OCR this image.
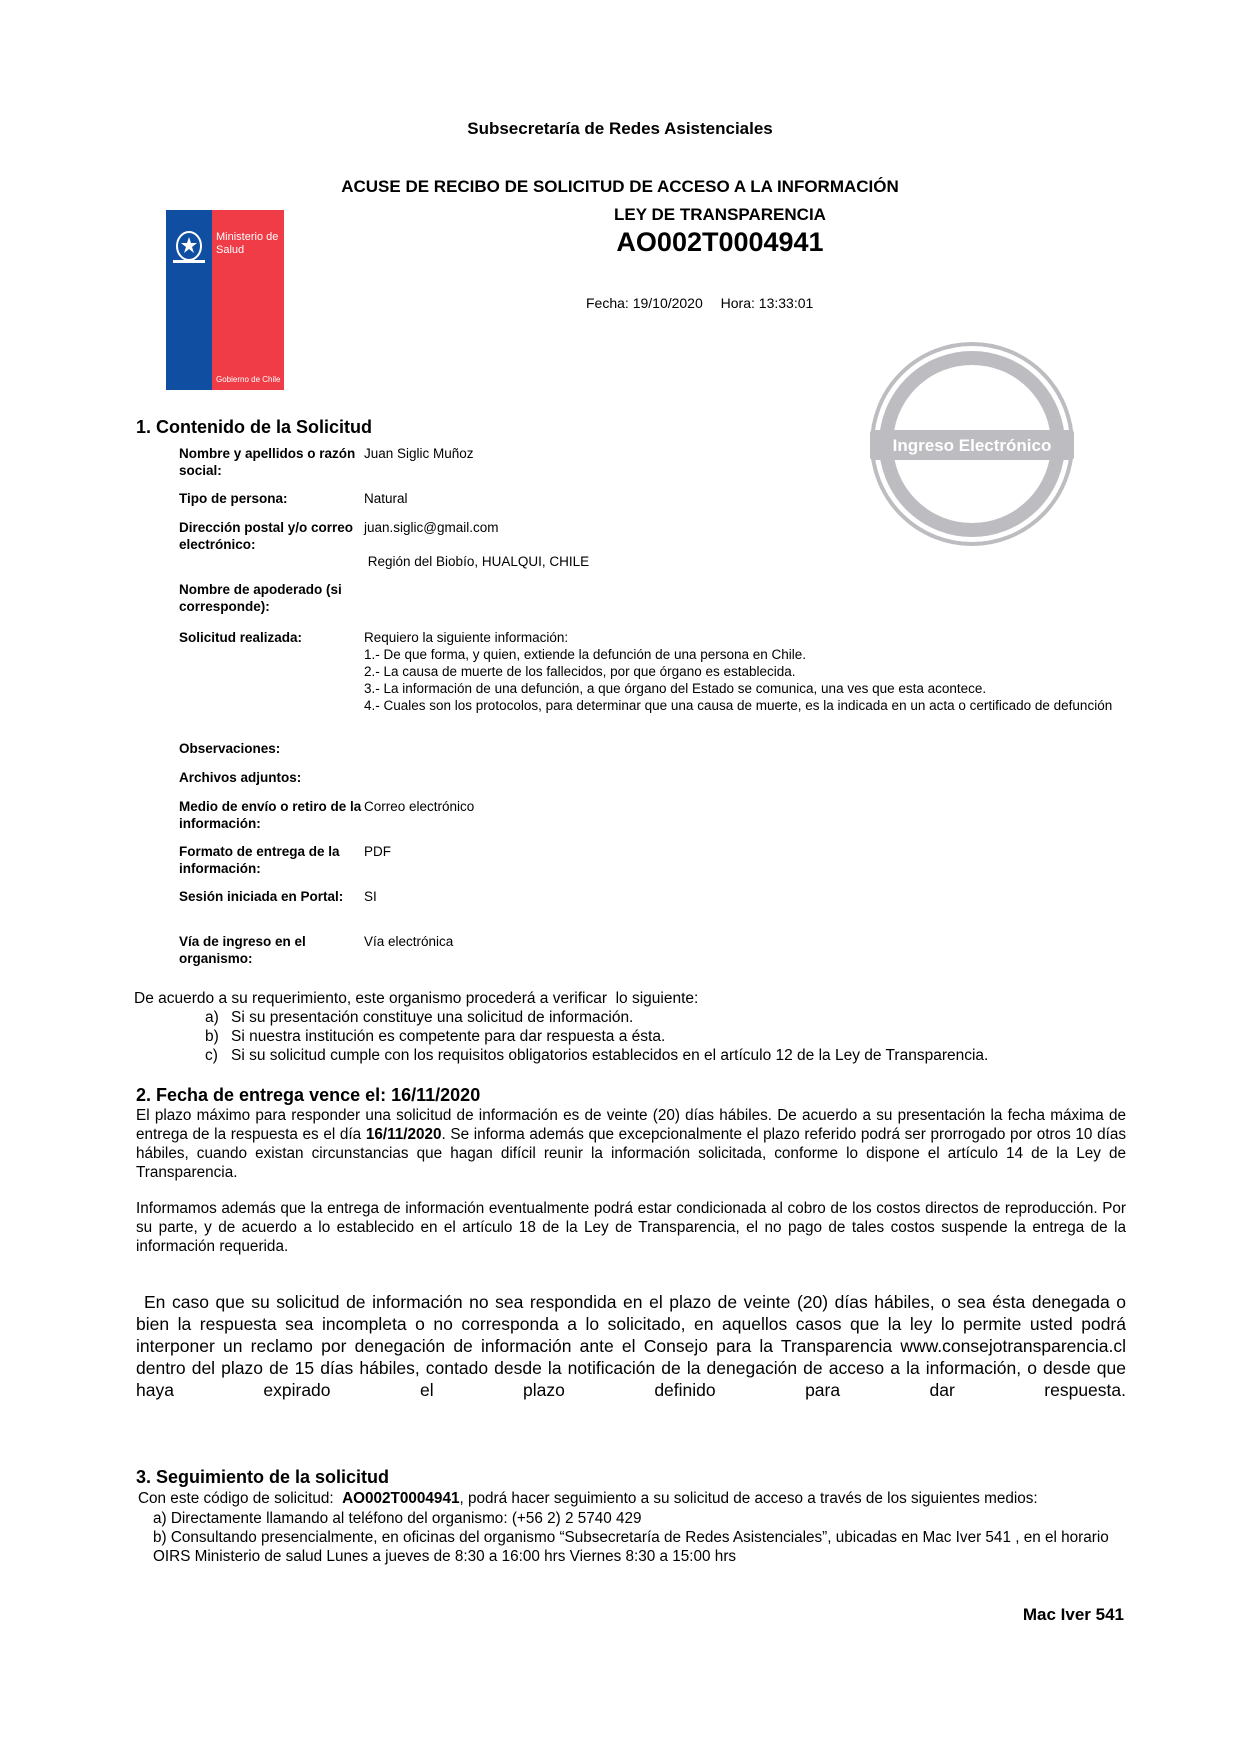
Subsecretaría de Redes Asistenciales
ACUSE DE RECIBO DE SOLICITUD DE ACCESO A LA INFORMACIÓN
LEY DE TRANSPARENCIA
AO002T0004941
Fecha: 19/10/2020 Hora: 13:33:01
Ministerio de
Salud
Gobierno de Chile
Portal de Transparencia
Ingreso Electrónico
Solicitud de Información
1. Contenido de la Solicitud
Nombre y apellidos o razón social:
Juan Siglic Muñoz
Tipo de persona:	Natural
Dirección postal y/o correo electrónico:
juan.siglic@gmail.com
Región del Biobío, HUALQUI, CHILE
Nombre de apoderado (si corresponde):
Solicitud realizada:	Requiero la siguiente información:
1.- De que forma, y quien, extiende la defunción de una persona en Chile.
2.- La causa de muerte de los fallecidos, por que órgano es establecida.
3.- La información de una defunción, a que órgano del Estado se comunica, una ves que esta acontece.
4.- Cuales son los protocolos, para determinar que una causa de muerte, es la indicada en un acta o certificado de defunción
Observaciones:
Archivos adjuntos:
Medio de envío o retiro de la información:
Correo electrónico
Formato de entrega de la información:
PDF
Sesión iniciada en Portal:	SI
Vía de ingreso en el organismo:
Vía electrónica
De acuerdo a su requerimiento, este organismo procederá a verificar  lo siguiente:
a) Si su presentación constituye una solicitud de información.
b) Si nuestra institución es competente para dar respuesta a ésta.
c) Si su solicitud cumple con los requisitos obligatorios establecidos en el artículo 12 de la Ley de Transparencia.
2. Fecha de entrega vence el: 16/11/2020
El plazo máximo para responder una solicitud de información es de veinte (20) días hábiles. De acuerdo a su presentación la fecha máxima de entrega de la respuesta es el día 16/11/2020. Se informa además que excepcionalmente el plazo referido podrá ser prorrogado por otros 10 días hábiles, cuando existan circunstancias que hagan difícil reunir la información solicitada, conforme lo dispone el artículo 14 de la Ley de Transparencia.
Informamos además que la entrega de información eventualmente podrá estar condicionada al cobro de los costos directos de reproducción. Por su parte, y de acuerdo a lo establecido en el artículo 18 de la Ley de Transparencia, el no pago de tales costos suspende la entrega de la información requerida.
En caso que su solicitud de información no sea respondida en el plazo de veinte (20) días hábiles, o sea ésta denegada o bien la respuesta sea incompleta o no corresponda a lo solicitado, en aquellos casos que la ley lo permite usted podrá interponer un reclamo por denegación de información ante el Consejo para la Transparencia www.consejotransparencia.cl dentro del plazo de 15 días hábiles, contado desde la notificación de la denegación de acceso a la información, o desde que haya expirado el plazo definido para dar respuesta.
3. Seguimiento de la solicitud
Con este código de solicitud:  AO002T0004941, podrá hacer seguimiento a su solicitud de acceso a través de los siguientes medios:
a) Directamente llamando al teléfono del organismo: (+56 2) 2 5740 429
b) Consultando presencialmente, en oficinas del organismo “Subsecretaría de Redes Asistenciales”, ubicadas en Mac Iver 541 , en el horario OIRS Ministerio de salud Lunes a jueves de 8:30 a 16:00 hrs Viernes 8:30 a 15:00 hrs
Mac Iver 541
